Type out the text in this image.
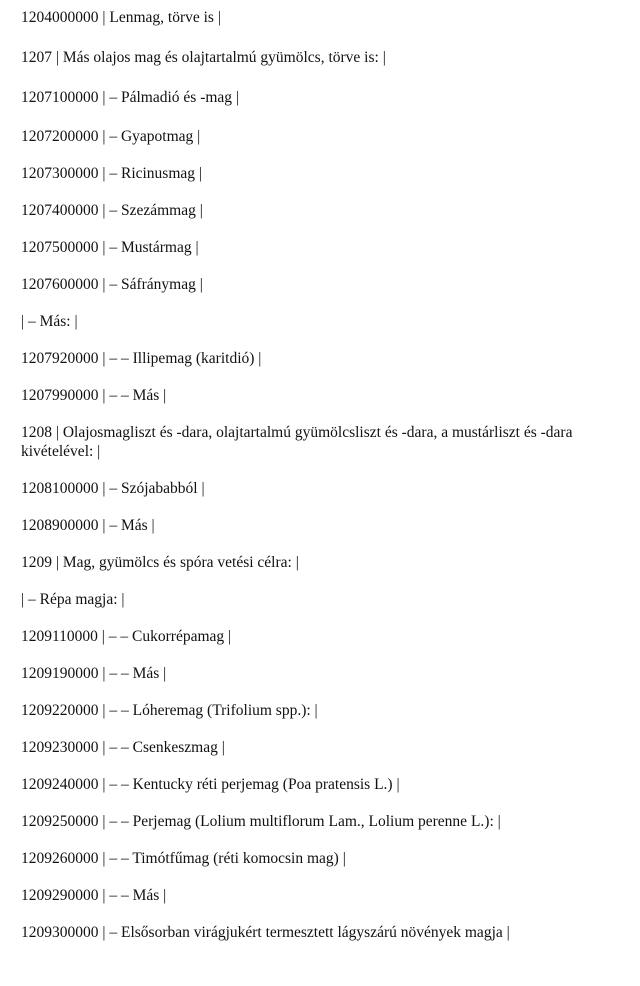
1204000000 | Lenmag, törve is |
1207 | Más olajos mag és olajtartalmú gyümölcs, törve is: |
1207100000 | – Pálmadió és -mag |
1207200000 | – Gyapotmag |
1207300000 | – Ricinusmag |
1207400000 | – Szezámmag |
1207500000 | – Mustármag |
1207600000 | – Sáfránymag |
| – Más: |
1207920000 | – – Illipemag (karitdió) |
1207990000 | – – Más |
1208 | Olajosmagliszt és -dara, olajtartalmú gyümölcsliszt és -dara, a mustárliszt és -dara kivételével: |
1208100000 | – Szójababból |
1208900000 | – Más |
1209 | Mag, gyümölcs és spóra vetési célra: |
| – Répa magja: |
1209110000 | – – Cukorrépamag |
1209190000 | – – Más |
1209220000 | – – Lóheremag (Trifolium spp.): |
1209230000 | – – Csenkeszmag |
1209240000 | – – Kentucky réti perjemag (Poa pratensis L.) |
1209250000 | – – Perjemag (Lolium multiflorum Lam., Lolium perenne L.): |
1209260000 | – – Timótfűmag (réti komocsin mag) |
1209290000 | – – Más |
1209300000 | – Elsősorban virágjukért termesztett lágyszárú növények magja |
